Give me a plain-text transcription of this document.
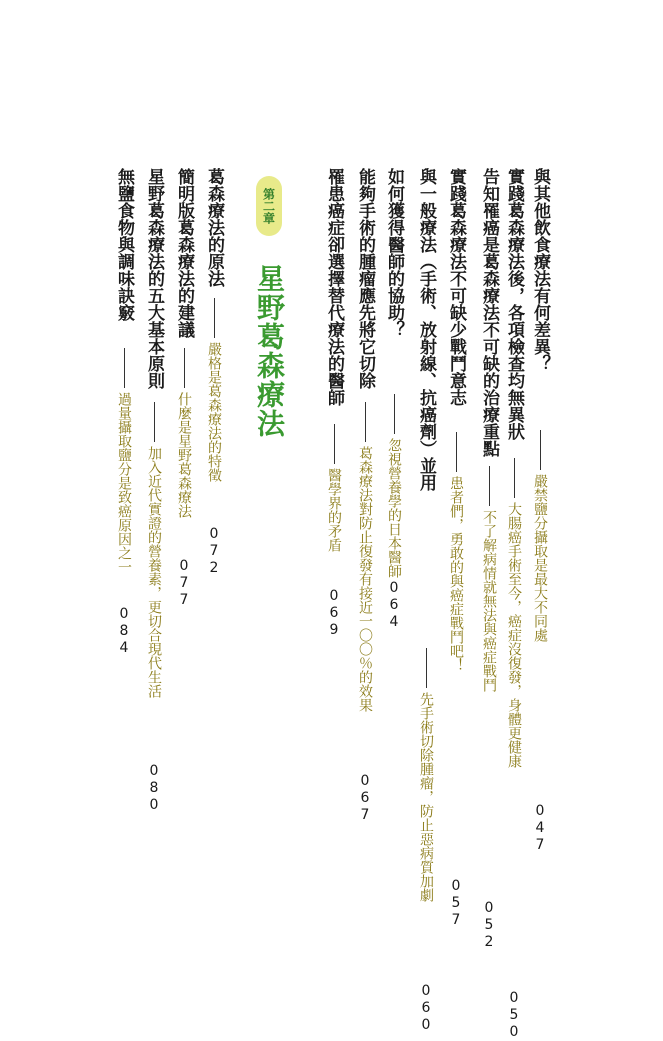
與其他飲食療法有何差異？
嚴禁鹽分攝取是最大不同處
047
實踐葛森療法後，各項檢查均無異狀
大腸癌手術至今，癌症沒復發，身體更健康
050
告知罹癌是葛森療法不可缺的治療重點
不了解病情就無法與癌症戰鬥
052
實踐葛森療法不可缺少戰鬥意志
患者們，勇敢的與癌症戰鬥吧！
057
與一般療法（手術、放射線、抗癌劑）並用
先手術切除腫瘤，防止惡病質加劇
060
如何獲得醫師的協助？
忽視營養學的日本醫師
064
能夠手術的腫瘤應先將它切除
葛森療法對防止復發有接近一〇〇％的效果
067
罹患癌症卻選擇替代療法的醫師
醫學界的矛盾
069
第二章
星野葛森療法
葛森療法的原法
嚴格是葛森療法的特徵
072
簡明版葛森療法的建議
什麼是星野葛森療法
077
星野葛森療法的五大基本原則
加入近代實證的營養素，更切合現代生活
080
無鹽食物與調味訣竅
過量攝取鹽分是致癌原因之一
084
